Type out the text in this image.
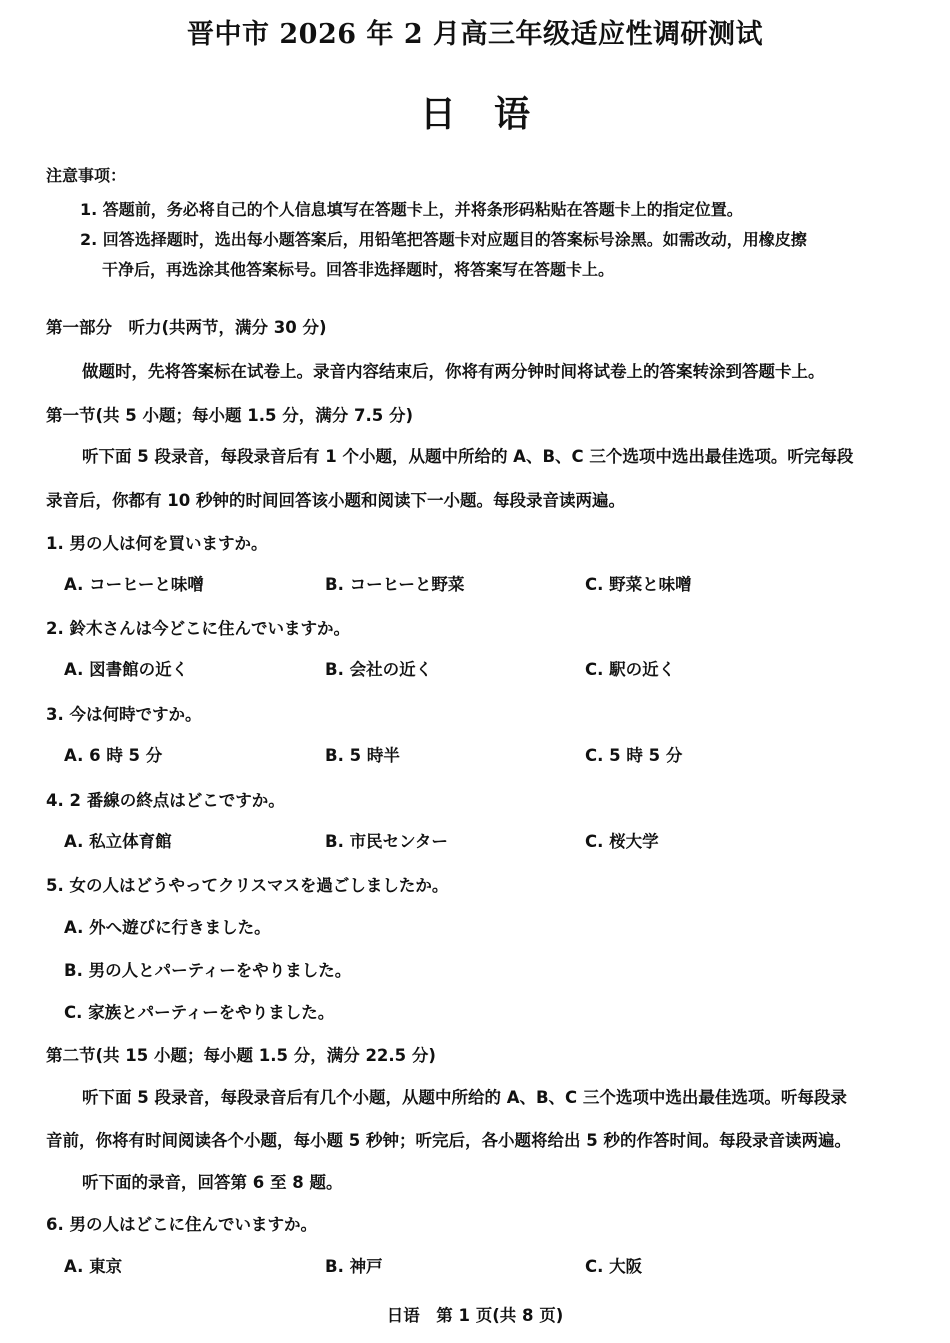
晋中市 2026 年 2 月高三年级适应性调研测试
日语
注意事项：
1. 答题前，务必将自己的个人信息填写在答题卡上，并将条形码粘贴在答题卡上的指定位置。
2. 回答选择题时，选出每小题答案后，用铅笔把答题卡对应题目的答案标号涂黑。如需改动，用橡皮擦
干净后，再选涂其他答案标号。回答非选择题时，将答案写在答题卡上。
第一部分　听力(共两节，满分 30 分)
做题时，先将答案标在试卷上。录音内容结束后，你将有两分钟时间将试卷上的答案转涂到答题卡上。
第一节(共 5 小题；每小题 1.5 分，满分 7.5 分)
听下面 5 段录音，每段录音后有 1 个小题，从题中所给的 A、B、C 三个选项中选出最佳选项。听完每段
录音后，你都有 10 秒钟的时间回答该小题和阅读下一小题。每段录音读两遍。
1. 男の人は何を買いますか。
A. コーヒーと味噌	B. コーヒーと野菜	C. 野菜と味噌
2. 鈴木さんは今どこに住んでいますか。
A. 図書館の近く	B. 会社の近く	C. 駅の近く
3. 今は何時ですか。
A. 6 時 5 分	B. 5 時半	C. 5 時 5 分
4. 2 番線の終点はどこですか。
A. 私立体育館	B. 市民センター	C. 桜大学
5. 女の人はどうやってクリスマスを過ごしましたか。
A. 外へ遊びに行きました。
B. 男の人とパーティーをやりました。
C. 家族とパーティーをやりました。
第二节(共 15 小题；每小题 1.5 分，满分 22.5 分)
听下面 5 段录音，每段录音后有几个小题，从题中所给的 A、B、C 三个选项中选出最佳选项。听每段录
音前，你将有时间阅读各个小题，每小题 5 秒钟；听完后，各小题将给出 5 秒的作答时间。每段录音读两遍。
听下面的录音，回答第 6 至 8 题。
6. 男の人はどこに住んでいますか。
A. 東京	B. 神戸	C. 大阪
日语　第 1 页(共 8 页)
